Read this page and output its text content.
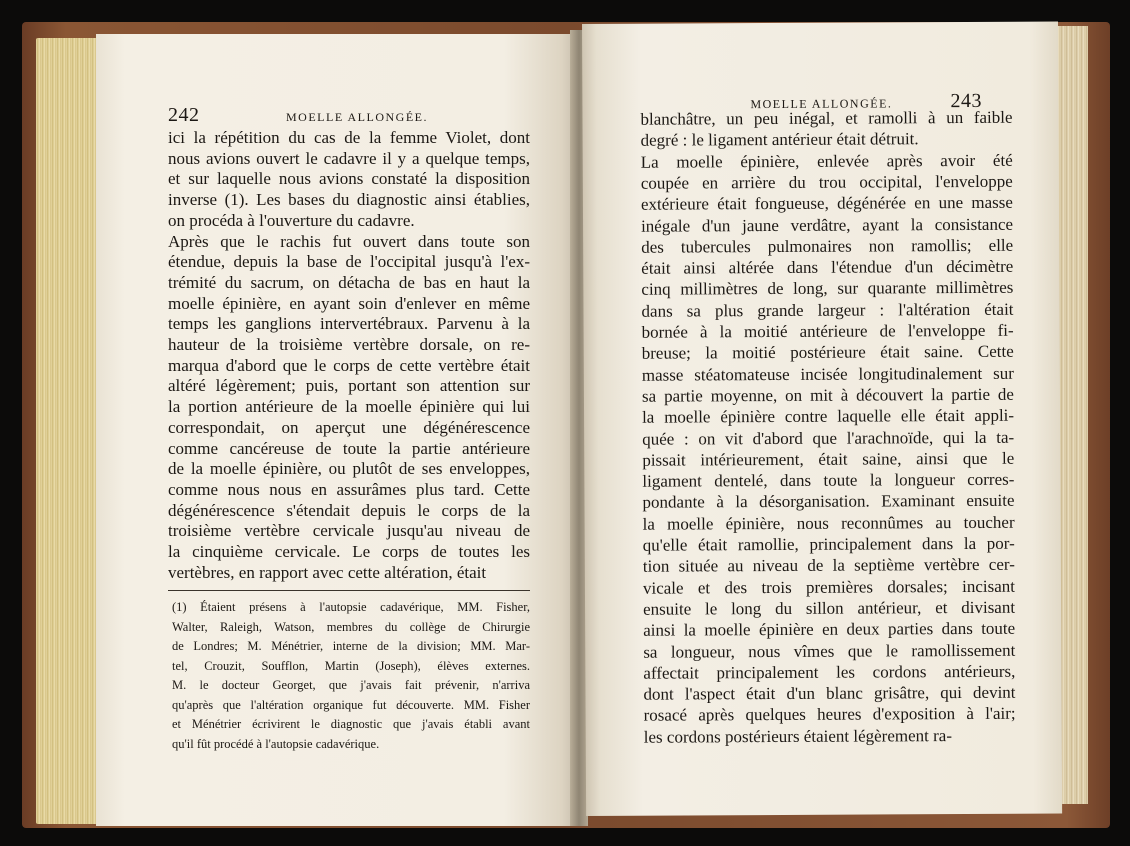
242	MOELLE ALLONGÉE.
ici la répétition du cas de la femme Violet, dont
nous avions ouvert le cadavre il y a quelque temps,
et sur laquelle nous avions constaté la disposition
inverse (1). Les bases du diagnostic ainsi établies,
on procéda à l'ouverture du cadavre.
Après que le rachis fut ouvert dans toute son
étendue, depuis la base de l'occipital jusqu'à l'ex-
trémité du sacrum, on détacha de bas en haut la
moelle épinière, en ayant soin d'enlever en même
temps les ganglions intervertébraux. Parvenu à la
hauteur de la troisième vertèbre dorsale, on re-
marqua d'abord que le corps de cette vertèbre était
altéré légèrement; puis, portant son attention sur
la portion antérieure de la moelle épinière qui lui
correspondait, on aperçut une dégénérescence
comme cancéreuse de toute la partie antérieure
de la moelle épinière, ou plutôt de ses enveloppes,
comme nous nous en assurâmes plus tard. Cette
dégénérescence s'étendait depuis le corps de la
troisième vertèbre cervicale jusqu'au niveau de
la cinquième cervicale. Le corps de toutes les
vertèbres, en rapport avec cette altération, était
(1) Étaient présens à l'autopsie cadavérique, MM. Fisher,
Walter, Raleigh, Watson, membres du collège de Chirurgie
de Londres; M. Ménétrier, interne de la division; MM. Mar-
tel, Crouzit, Soufflon, Martin (Joseph), élèves externes.
M. le docteur Georget, que j'avais fait prévenir, n'arriva
qu'après que l'altération organique fut découverte. MM. Fisher
et Ménétrier écrivirent le diagnostic que j'avais établi avant
qu'il fût procédé à l'autopsie cadavérique.
MOELLE ALLONGÉE.	243
blanchâtre, un peu inégal, et ramolli à un faible
degré : le ligament antérieur était détruit.
La moelle épinière, enlevée après avoir été
coupée en arrière du trou occipital, l'enveloppe
extérieure était fongueuse, dégénérée en une masse
inégale d'un jaune verdâtre, ayant la consistance
des tubercules pulmonaires non ramollis; elle
était ainsi altérée dans l'étendue d'un décimètre
cinq millimètres de long, sur quarante millimètres
dans sa plus grande largeur : l'altération était
bornée à la moitié antérieure de l'enveloppe fi-
breuse; la moitié postérieure était saine. Cette
masse stéatomateuse incisée longitudinalement sur
sa partie moyenne, on mit à découvert la partie de
la moelle épinière contre laquelle elle était appli-
quée : on vit d'abord que l'arachnoïde, qui la ta-
pissait intérieurement, était saine, ainsi que le
ligament dentelé, dans toute la longueur corres-
pondante à la désorganisation. Examinant ensuite
la moelle épinière, nous reconnûmes au toucher
qu'elle était ramollie, principalement dans la por-
tion située au niveau de la septième vertèbre cer-
vicale et des trois premières dorsales; incisant
ensuite le long du sillon antérieur, et divisant
ainsi la moelle épinière en deux parties dans toute
sa longueur, nous vîmes que le ramollissement
affectait principalement les cordons antérieurs,
dont l'aspect était d'un blanc grisâtre, qui devint
rosacé après quelques heures d'exposition à l'air;
les cordons postérieurs étaient légèrement ra-
